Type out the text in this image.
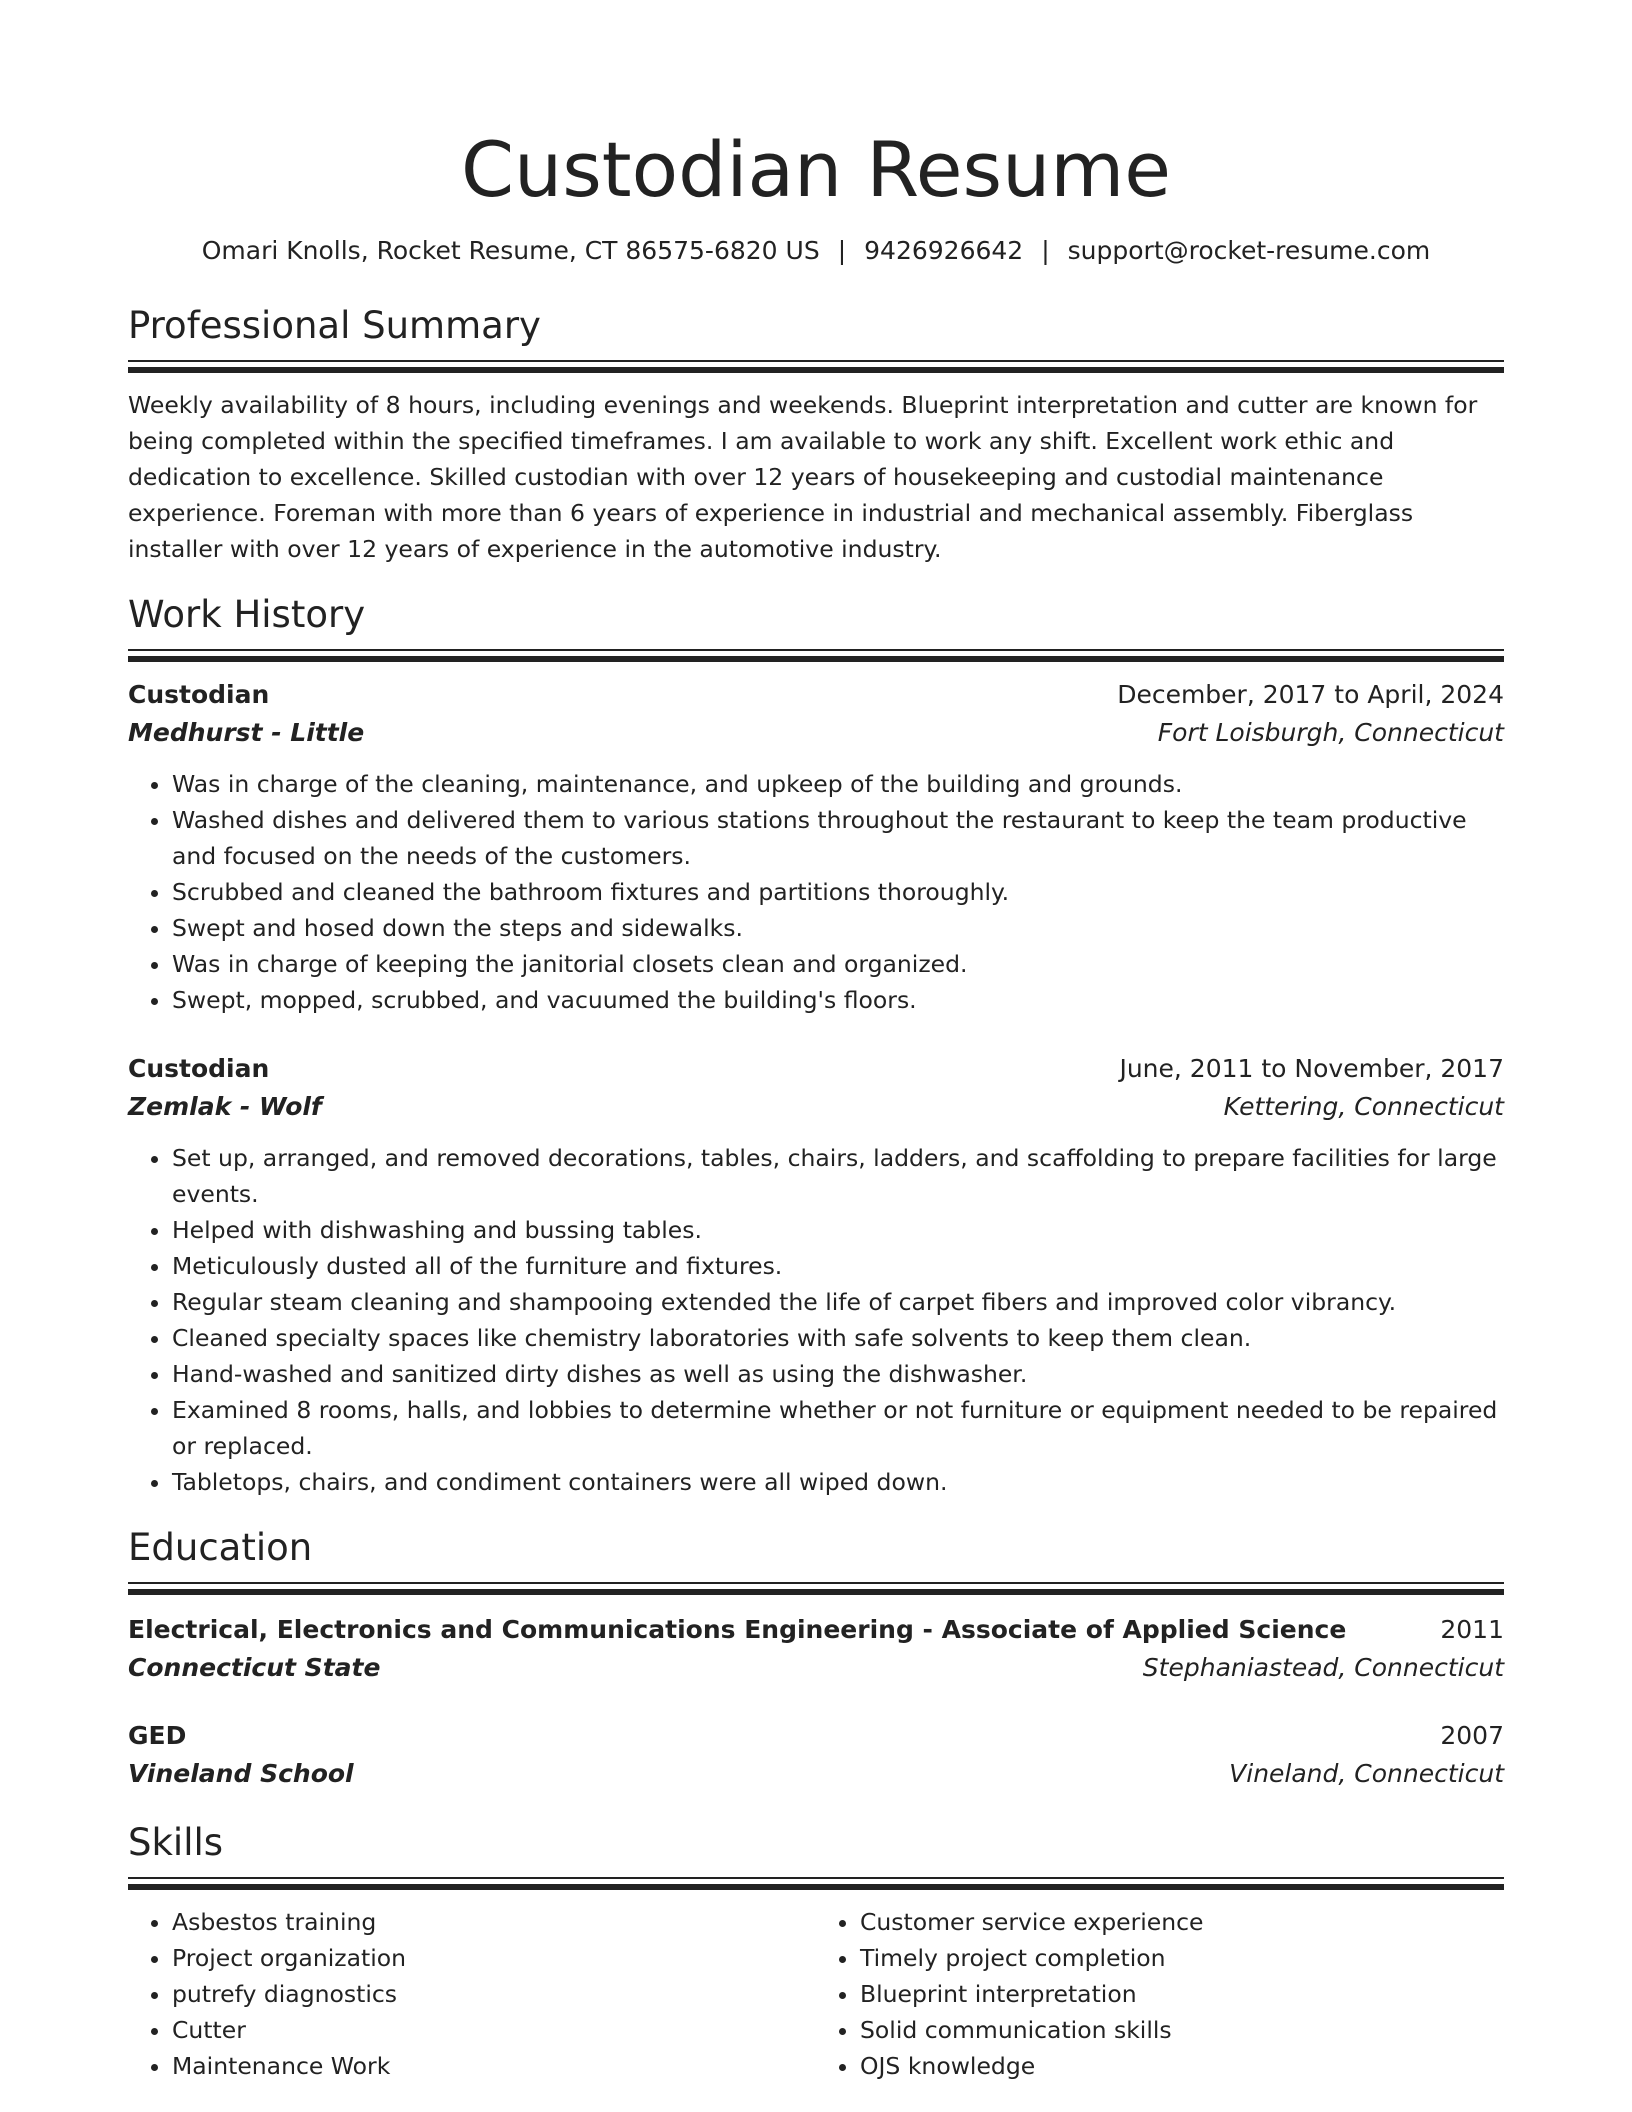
Custodian Resume
Omari Knolls, Rocket Resume, CT 86575-6820 US | 9426926642 | support@rocket-resume.com
Professional Summary
Weekly availability of 8 hours, including evenings and weekends. Blueprint interpretation and cutter are known for being completed within the specified timeframes. I am available to work any shift. Excellent work ethic and dedication to excellence. Skilled custodian with over 12 years of housekeeping and custodial maintenance experience. Foreman with more than 6 years of experience in industrial and mechanical assembly. Fiberglass installer with over 12 years of experience in the automotive industry.
Work History
Custodian	December, 2017 to April, 2024
Medhurst - Little	Fort Loisburgh, Connecticut
• Was in charge of the cleaning, maintenance, and upkeep of the building and grounds.
• Washed dishes and delivered them to various stations throughout the restaurant to keep the team productive and focused on the needs of the customers.
• Scrubbed and cleaned the bathroom fixtures and partitions thoroughly.
• Swept and hosed down the steps and sidewalks.
• Was in charge of keeping the janitorial closets clean and organized.
• Swept, mopped, scrubbed, and vacuumed the building's floors.
Custodian	June, 2011 to November, 2017
Zemlak - Wolf	Kettering, Connecticut
• Set up, arranged, and removed decorations, tables, chairs, ladders, and scaffolding to prepare facilities for large events.
• Helped with dishwashing and bussing tables.
• Meticulously dusted all of the furniture and fixtures.
• Regular steam cleaning and shampooing extended the life of carpet fibers and improved color vibrancy.
• Cleaned specialty spaces like chemistry laboratories with safe solvents to keep them clean.
• Hand-washed and sanitized dirty dishes as well as using the dishwasher.
• Examined 8 rooms, halls, and lobbies to determine whether or not furniture or equipment needed to be repaired or replaced.
• Tabletops, chairs, and condiment containers were all wiped down.
Education
Electrical, Electronics and Communications Engineering - Associate of Applied Science	2011
Connecticut State	Stephaniastead, Connecticut
GED	2007
Vineland School	Vineland, Connecticut
Skills
• Asbestos training
• Project organization
• putrefy diagnostics
• Cutter
• Maintenance Work
• Customer service experience
• Timely project completion
• Blueprint interpretation
• Solid communication skills
• OJS knowledge
